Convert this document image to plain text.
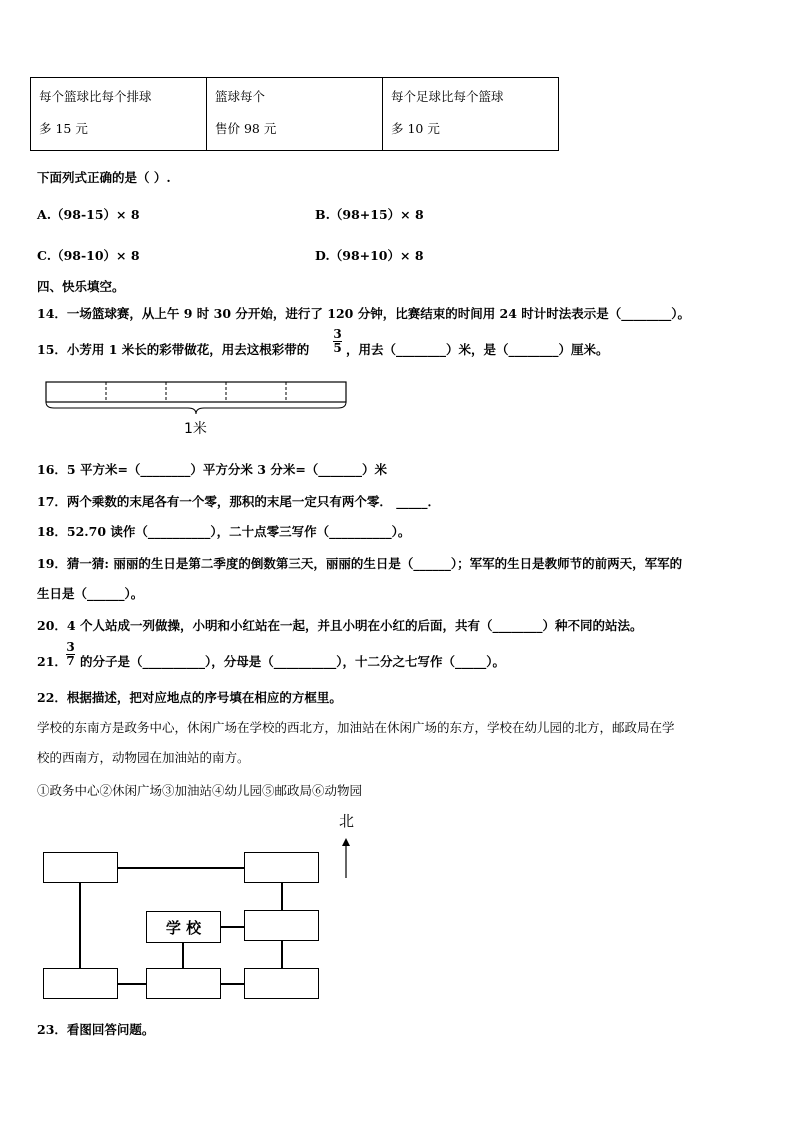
每个篮球比每个排球
多 15 元

篮球每个
售价 98 元

每个足球比每个篮球
多 10 元
下面列式正确的是（ ）.
A.（98-15）× 8	B.（98+15）× 8
C.（98-10）× 8	D.（98+10）× 8
四、快乐填空。
14．一场篮球赛，从上午 9 时 30 分开始，进行了 120 分钟，比赛结束的时间用 24 时计时法表示是（________）。
15．小芳用 1 米长的彩带做花，用去这根彩带的
3
5 ，用去（________）米，是（________）厘米。
1米
16．5 平方米=（________）平方分米 3 分米=（_______）米
17．两个乘数的末尾各有一个零，那积的末尾一定只有两个零． _____．
18．52.70 读作（__________），二十点零三写作（__________）。
19．猜一猜: 丽丽的生日是第二季度的倒数第三天，丽丽的生日是（______）；军军的生日是教师节的前两天，军军的
生日是（______）。
20．4 个人站成一列做操，小明和小红站在一起，并且小明在小红的后面，共有（________）种不同的站法。
21．
3
7 的分子是（__________），分母是（__________），十二分之七写作（_____）。
22．根据描述，把对应地点的序号填在相应的方框里。
学校的东南方是政务中心，休闲广场在学校的西北方，加油站在休闲广场的东方，学校在幼儿园的北方，邮政局在学
校的西南方，动物园在加油站的南方。
①政务中心②休闲广场③加油站④幼儿园⑤邮政局⑥动物园
北
学 校
23．看图回答问题。
